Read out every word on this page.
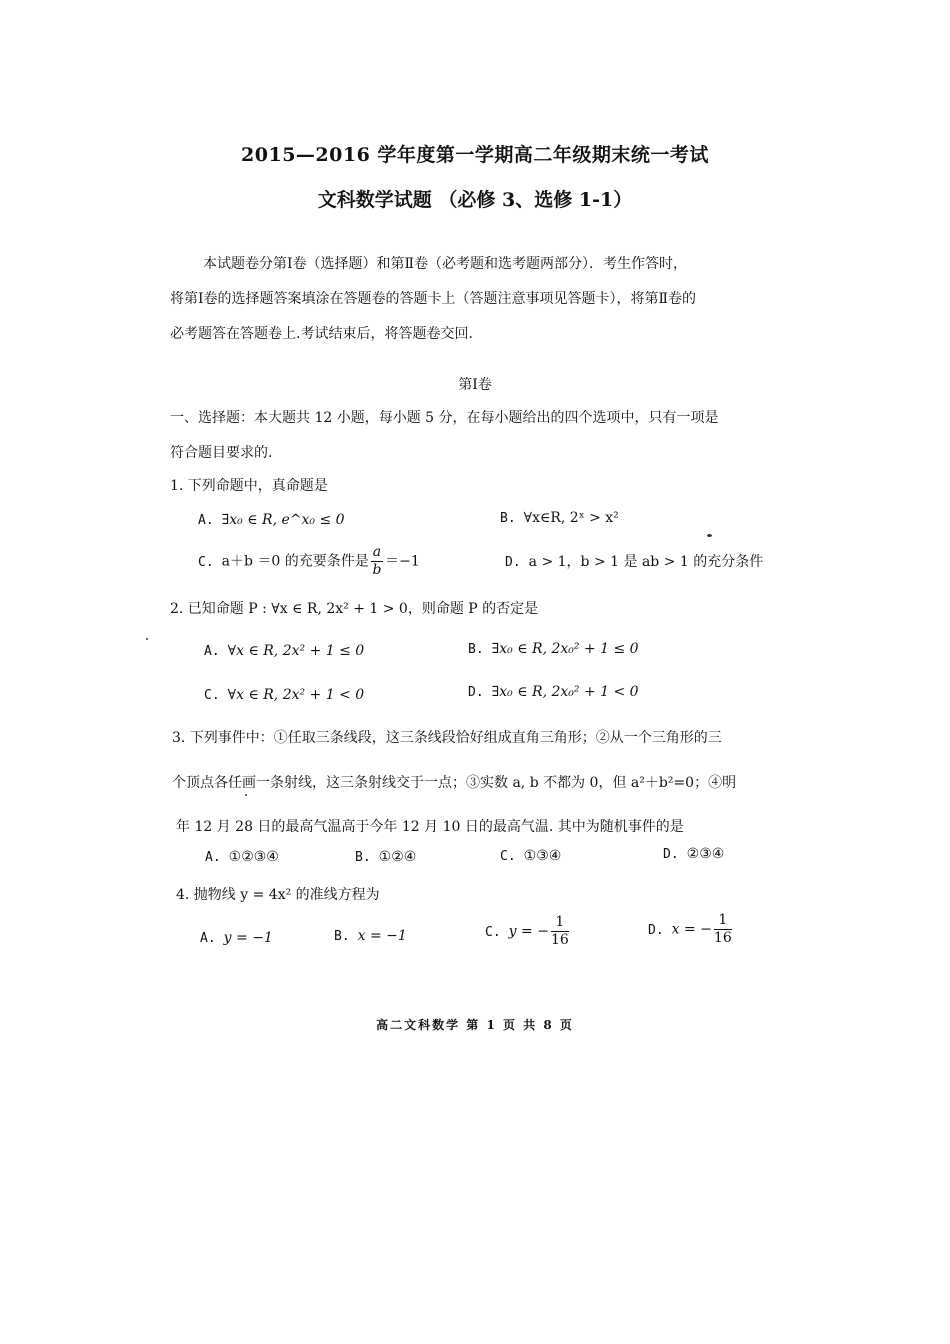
2015—2016 学年度第一学期高二年级期末统一考试
文科数学试题 （必修 3、选修 1-1）
本试题卷分第Ⅰ卷（选择题）和第Ⅱ卷（必考题和选考题两部分）．考生作答时，
将第Ⅰ卷的选择题答案填涂在答题卷的答题卡上（答题注意事项见答题卡），将第Ⅱ卷的
必考题答在答题卷上.考试结束后，将答题卷交回.
第Ⅰ卷
一、选择题：本大题共 12 小题，每小题 5 分，在每小题给出的四个选项中，只有一项是
符合题目要求的.
1. 下列命题中，真命题是
A. ∃x₀ ∈ R, e^x₀ ≤ 0	B. ∀x∈R, 2ˣ > x²
C. a＋b ＝0 的充要条件是 $\frac{a}{b} =-1$	D. a > 1，b > 1 是 ab > 1 的充分条件
2. 已知命题 P : ∀x ∈ R, 2x² + 1 > 0，则命题 P 的否定是
A. ∀x ∈ R, 2x² + 1 ≤ 0	B. ∃x₀ ∈ R, 2x₀² + 1 ≤ 0
C. ∀x ∈ R, 2x² + 1 < 0	D. ∃x₀ ∈ R, 2x₀² + 1 < 0
3. 下列事件中：①任取三条线段，这三条线段恰好组成直角三角形；②从一个三角形的三
个顶点各任画一条射线，这三条射线交于一点；③实数 a, b 不都为 0，但 a²＋b²=0；④明
年 12 月 28 日的最高气温高于今年 12 月 10 日的最高气温. 其中为随机事件的是
A. ①②③④	B. ①②④	C. ①③④	D. ②③④
4. 抛物线 y = 4x² 的准线方程为
A. y = −1	B. x = −1	C. y = − $\frac{1}{16}$	D. x = − $\frac{1}{16}$
高二文科数学 第 1 页 共 8 页
